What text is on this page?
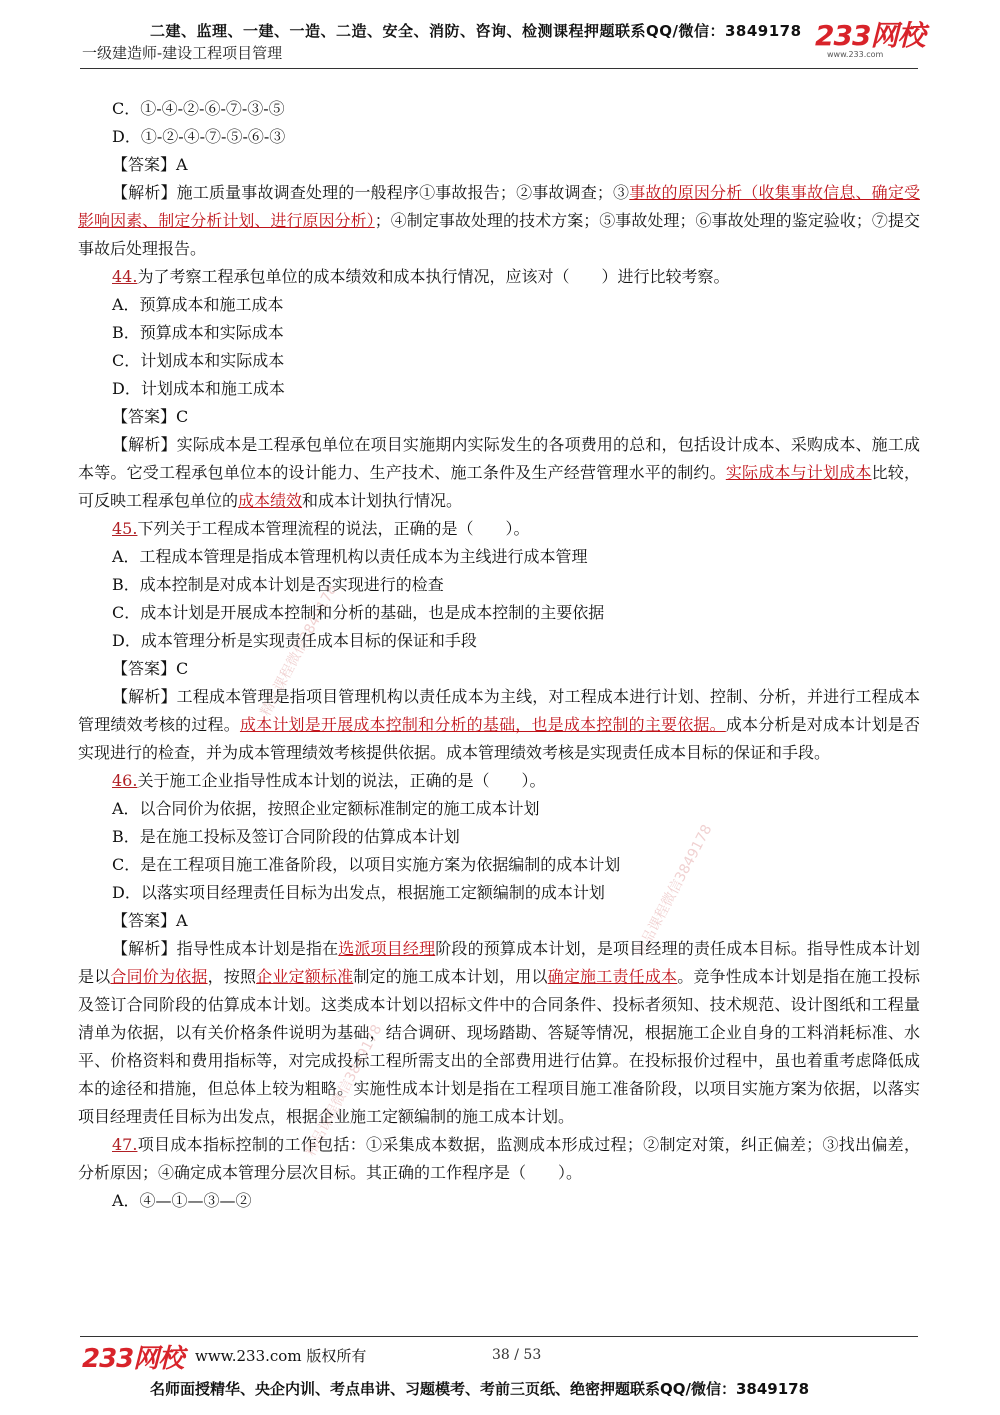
二建、监理、一建、一造、二造、安全、消防、咨询、检测课程押题联系QQ/微信：3849178
一级建造师-建设工程项目管理
233网校
www.233.com
精品课程微信3849178
精品课程微信3849178
精品课程微信3849178

C．①-④-②-⑥-⑦-③-⑤

D．①-②-④-⑦-⑤-⑥-③

【答案】A

【解析】施工质量事故调查处理的一般程序①事故报告；②事故调查；③事故的原因分析（收集事故信息、确定受影响因素、制定分析计划、进行原因分析）；④制定事故处理的技术方案；⑤事故处理；⑥事故处理的鉴定验收；⑦提交事故后处理报告。

44.为了考察工程承包单位的成本绩效和成本执行情况，应该对（　　）进行比较考察。

A．预算成本和施工成本

B．预算成本和实际成本

C．计划成本和实际成本

D．计划成本和施工成本

【答案】C

【解析】实际成本是工程承包单位在项目实施期内实际发生的各项费用的总和，包括设计成本、采购成本、施工成本等。它受工程承包单位本的设计能力、生产技术、施工条件及生产经营管理水平的制约。实际成本与计划成本比较，可反映工程承包单位的成本绩效和成本计划执行情况。

45.下列关于工程成本管理流程的说法，正确的是（　　）。

A．工程成本管理是指成本管理机构以责任成本为主线进行成本管理

B．成本控制是对成本计划是否实现进行的检查

C．成本计划是开展成本控制和分析的基础，也是成本控制的主要依据

D．成本管理分析是实现责任成本目标的保证和手段

【答案】C

【解析】工程成本管理是指项目管理机构以责任成本为主线，对工程成本进行计划、控制、分析，并进行工程成本管理绩效考核的过程。成本计划是开展成本控制和分析的基础，也是成本控制的主要依据。成本分析是对成本计划是否实现进行的检查，并为成本管理绩效考核提供依据。成本管理绩效考核是实现责任成本目标的保证和手段。

46.关于施工企业指导性成本计划的说法，正确的是（　　）。

A．以合同价为依据，按照企业定额标准制定的施工成本计划

B．是在施工投标及签订合同阶段的估算成本计划

C．是在工程项目施工准备阶段，以项目实施方案为依据编制的成本计划

D．以落实项目经理责任目标为出发点，根据施工定额编制的成本计划

【答案】A

【解析】指导性成本计划是指在选派项目经理阶段的预算成本计划，是项目经理的责任成本目标。指导性成本计划是以合同价为依据，按照企业定额标准制定的施工成本计划，用以确定施工责任成本。竞争性成本计划是指在施工投标及签订合同阶段的估算成本计划。这类成本计划以招标文件中的合同条件、投标者须知、技术规范、设计图纸和工程量清单为依据，以有关价格条件说明为基础，结合调研、现场踏勘、答疑等情况，根据施工企业自身的工料消耗标准、水平、价格资料和费用指标等，对完成投标工程所需支出的全部费用进行估算。在投标报价过程中，虽也着重考虑降低成本的途径和措施，但总体上较为粗略。实施性成本计划是指在工程项目施工准备阶段，以项目实施方案为依据，以落实项目经理责任目标为出发点，根据企业施工定额编制的施工成本计划。

47.项目成本指标控制的工作包括：①采集成本数据，监测成本形成过程；②制定对策，纠正偏差；③找出偏差，分析原因；④确定成本管理分层次目标。其正确的工作程序是（　　）。

A．④—①—③—②

233网校 www.233.com 版权所有	38 / 53
名师面授精华、央企内训、考点串讲、习题模考、考前三页纸、绝密押题联系QQ/微信：3849178
